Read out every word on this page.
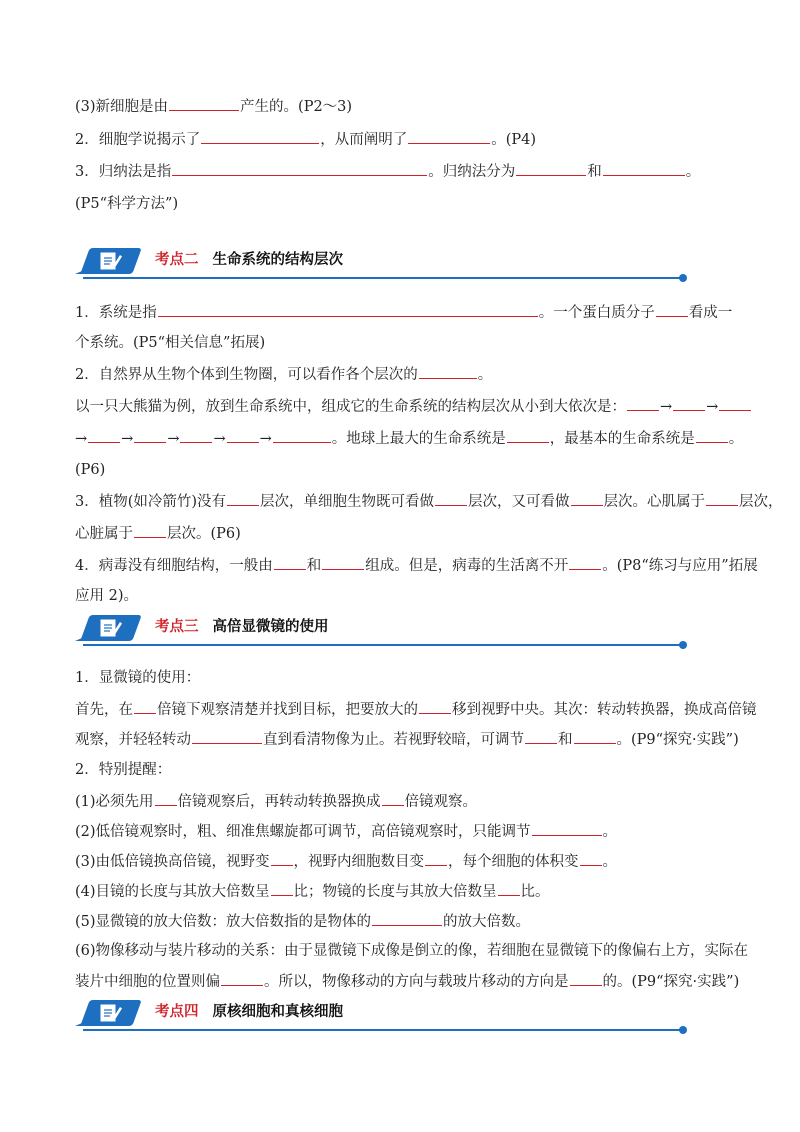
(3)新细胞是由	产生的。(P2～3)
2．细胞学说揭示了	，从而阐明了	。(P4)
3．归纳法是指	。归纳法分为	和	。
(P5“科学方法”)
考点二 生命系统的结构层次
1．系统是指	。一个蛋白质分子 看成一
个系统。(P5“相关信息”拓展)
2．自然界从生物个体到生物圈，可以看作各个层次的	。
以一只大熊猫为例，放到生命系统中，组成它的生命系统的结构层次从小到大依次是： → →
→ → → → →	。地球上最大的生命系统是	，最基本的生命系统是 。
(P6)
3．植物(如冷箭竹)没有 层次，单细胞生物既可看做 层次，又可看做 层次。心肌属于 层次，
心脏属于 层次。(P6)
4．病毒没有细胞结构，一般由 和	组成。但是，病毒的生活离不开 。(P8“练习与应用”拓展
应用 2)。
考点三 高倍显微镜的使用
1．显微镜的使用：
首先，在 倍镜下观察清楚并找到目标，把要放大的 移到视野中央。其次：转动转换器，换成高倍镜
观察，并轻轻转动	直到看清物像为止。若视野较暗，可调节 和	。(P9“探究·实践”)
2．特别提醒：
(1)必须先用 倍镜观察后，再转动转换器换成 倍镜观察。
(2)低倍镜观察时，粗、细准焦螺旋都可调节，高倍镜观察时，只能调节	。
(3)由低倍镜换高倍镜，视野变 ，视野内细胞数目变 ，每个细胞的体积变 。
(4)目镜的长度与其放大倍数呈 比；物镜的长度与其放大倍数呈 比。
(5)显微镜的放大倍数：放大倍数指的是物体的	的放大倍数。
(6)物像移动与装片移动的关系：由于显微镜下成像是倒立的像，若细胞在显微镜下的像偏右上方，实际在
装片中细胞的位置则偏	。所以，物像移动的方向与载玻片移动的方向是 的。(P9“探究·实践”)
考点四 原核细胞和真核细胞
